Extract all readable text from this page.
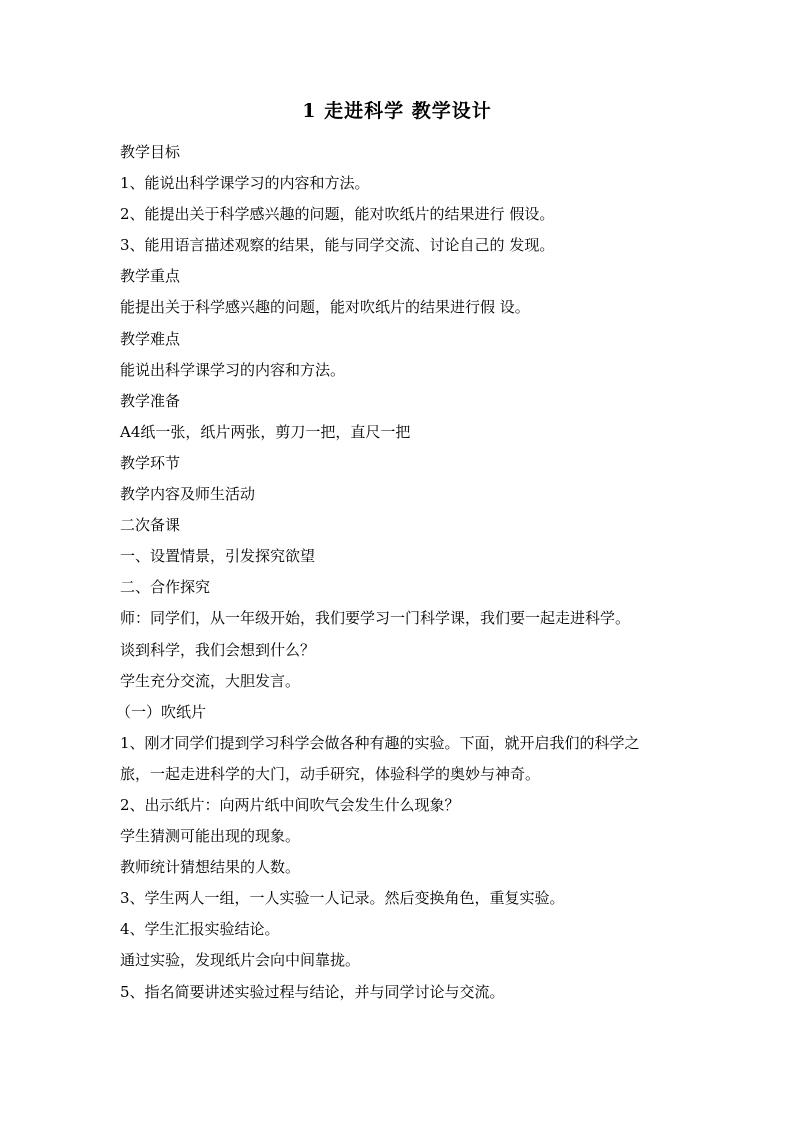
1 走进科学 教学设计
教学目标
1、能说出科学课学习的内容和方法。
2、能提出关于科学感兴趣的问题，能对吹纸片的结果进行 假设。
3、能用语言描述观察的结果，能与同学交流、讨论自己的 发现。
教学重点
能提出关于科学感兴趣的问题，能对吹纸片的结果进行假 设。
教学难点
能说出科学课学习的内容和方法。
教学准备
A4纸一张，纸片两张，剪刀一把，直尺一把
教学环节
教学内容及师生活动
二次备课
一、设置情景，引发探究欲望
二、合作探究
师：同学们，从一年级开始，我们要学习一门科学课，我们要一起走进科学。
谈到科学，我们会想到什么？
学生充分交流，大胆发言。
（一）吹纸片
1、刚才同学们提到学习科学会做各种有趣的实验。下面，就开启我们的科学之
旅，一起走进科学的大门，动手研究，体验科学的奥妙与神奇。
2、出示纸片：向两片纸中间吹气会发生什么现象？
学生猜测可能出现的现象。
教师统计猜想结果的人数。
3、学生两人一组，一人实验一人记录。然后变换角色，重复实验。
4、学生汇报实验结论。
通过实验，发现纸片会向中间靠拢。
5、指名简要讲述实验过程与结论，并与同学讨论与交流。
